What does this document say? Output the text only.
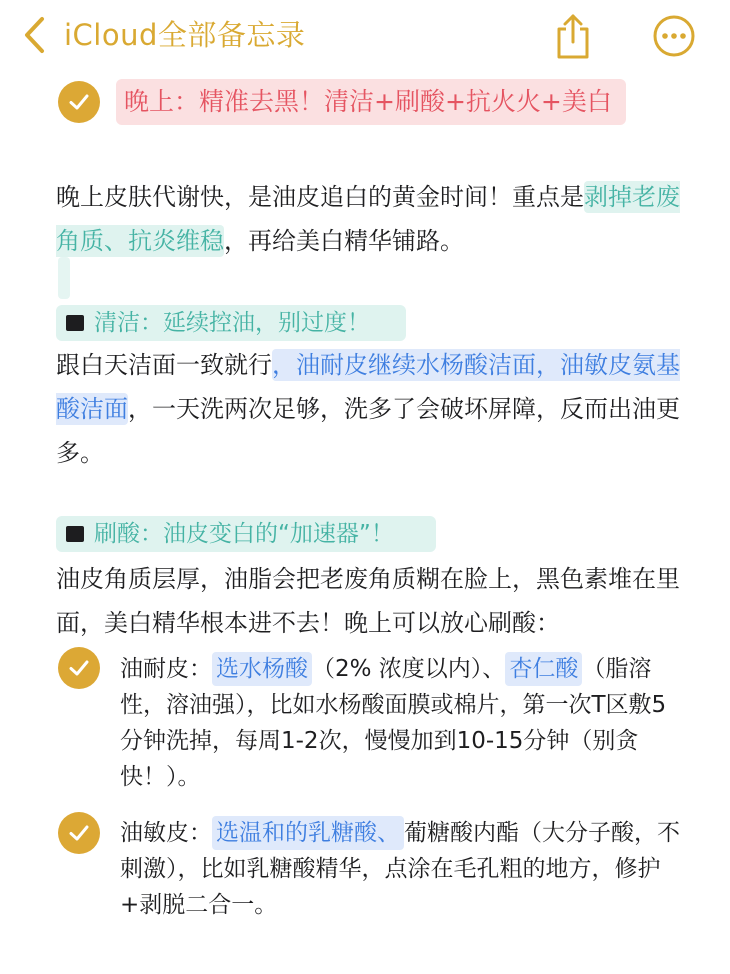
iCloud全部备忘录
晚上：精准去黑！清洁+刷酸+抗火火+美白
晚上皮肤代谢快，是油皮追白的黄金时间！重点是剥掉老废角质、抗炎维稳，再给美白精华铺路。
清洁：延续控油，别过度！
跟白天洁面一致就行，油耐皮继续水杨酸洁面，油敏皮氨基酸洁面，一天洗两次足够，洗多了会破坏屏障，反而出油更多。
刷酸：油皮变白的“加速器”！
油皮角质层厚，油脂会把老废角质糊在脸上，黑色素堆在里面，美白精华根本进不去！晚上可以放心刷酸：
油耐皮： 选水杨酸 （2% 浓度以内）、 杏仁酸 （脂溶性，溶油强），比如水杨酸面膜或棉片，第一次T区敷5分钟洗掉，每周1-2次，慢慢加到10-15分钟（别贪快！）。
油敏皮： 选温和的乳糖酸、 葡糖酸内酯（大分子酸，不刺激），比如乳糖酸精华，点涂在毛孔粗的地方，修护+剥脱二合一。
